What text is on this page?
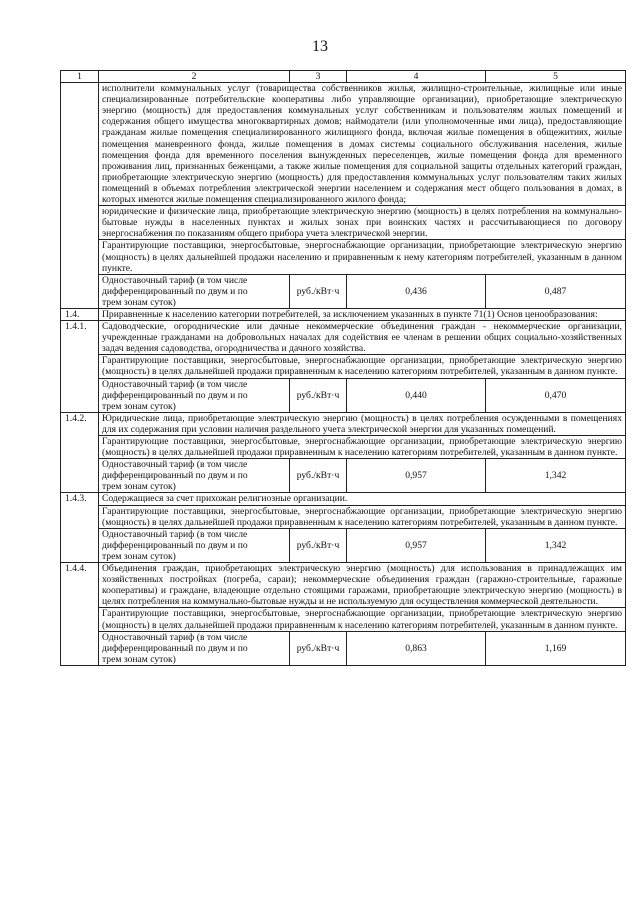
13
1	2	3	4	5
	исполнители коммунальных услуг (товарищества собственников жилья, жилищно-строительные, жилищные или иные специализированные потребительские кооперативы либо управляющие организации), приобретающие электрическую энергию (мощность) для предоставления коммунальных услуг собственникам и пользователям жилых помещений и содержания общего имущества многоквартирных домов; наймодатели (или уполномоченные ими лица), предоставляющие гражданам жилые помещения специализированного жилищного фонда, включая жилые помещения в общежитиях, жилые помещения маневренного фонда, жилые помещения в домах системы социального обслуживания населения, жилые помещения фонда для временного поселения вынужденных переселенцев, жилые помещения фонда для временного проживания лиц, признанных беженцами, а также жилые помещения для социальной защиты отдельных категорий граждан, приобретающие электрическую энергию (мощность) для предоставления коммунальных услуг пользователям таких жилых помещений в объемах потребления электрической энергии населением и содержания мест общего пользования в домах, в которых имеются жилые помещения специализированного жилого фонда;			
	юридические и физические лица, приобретающие электрическую энергию (мощность) в целях потребления на коммунально-бытовые нужды в населенных пунктах и жилых зонах при воинских частях и рассчитывающиеся по договору энергоснабжения по показаниям общего прибора учета электрической энергии.			
	Гарантирующие поставщики, энергосбытовые, энергоснабжающие организации, приобретающие электрическую энергию (мощность) в целях дальнейшей продажи населению и приравненным к нему категориям потребителей, указанным в данном пункте.			
	Одноставочный тариф (в том числе
дифференцированный по двум и по
трем зонам суток)	руб./кВт·ч	0,436	0,487
1.4.	Приравненные к населению категории потребителей, за исключением указанных в пункте 71(1) Основ ценообразования:			
1.4.1.	Садоводческие, огороднические или дачные некоммерческие объединения граждан - некоммерческие организации, учрежденные гражданами на добровольных началах для содействия ее членам в решении общих социально-хозяйственных задач ведения садоводства, огородничества и дачного хозяйства.			
	Гарантирующие поставщики, энергосбытовые, энергоснабжающие организации, приобретающие электрическую энергию (мощность) в целях дальнейшей продажи приравненным к населению категориям потребителей, указанным в данном пункте.			
	Одноставочный тариф (в том числе
дифференцированный по двум и по
трем зонам суток)	руб./кВт·ч	0,440	0,470
1.4.2.	Юридические лица, приобретающие электрическую энергию (мощность) в целях потребления осужденными в помещениях для их содержания при условии наличия раздельного учета электрической энергии для указанных помещений.			
	Гарантирующие поставщики, энергосбытовые, энергоснабжающие организации, приобретающие электрическую энергию (мощность) в целях дальнейшей продажи приравненным к населению категориям потребителей, указанным в данном пункте.			
	Одноставочный тариф (в том числе
дифференцированный по двум и по
трем зонам суток)	руб./кВт·ч	0,957	1,342
1.4.3.	Содержащиеся за счет прихожан религиозные организации.			
	Гарантирующие поставщики, энергосбытовые, энергоснабжающие организации, приобретающие электрическую энергию (мощность) в целях дальнейшей продажи приравненным к населению категориям потребителей, указанным в данном пункте.			
	Одноставочный тариф (в том числе
дифференцированный по двум и по
трем зонам суток)	руб./кВт·ч	0,957	1,342
1.4.4.	Объединения граждан, приобретающих электрическую энергию (мощность) для использования в принадлежащих им хозяйственных постройках (погреба, сараи); некоммерческие объединения граждан (гаражно-строительные, гаражные кооперативы) и граждане, владеющие отдельно стоящими гаражами, приобретающие электрическую энергию (мощность) в целях потребления на коммунально-бытовые нужды и не используемую для осуществления коммерческой деятельности.			
	Гарантирующие поставщики, энергосбытовые, энергоснабжающие организации, приобретающие электрическую энергию (мощность) в целях дальнейшей продажи приравненным к населению категориям потребителей, указанным в данном пункте.			
	Одноставочный тариф (в том числе
дифференцированный по двум и по
трем зонам суток)	руб./кВт·ч	0,863	1,169
